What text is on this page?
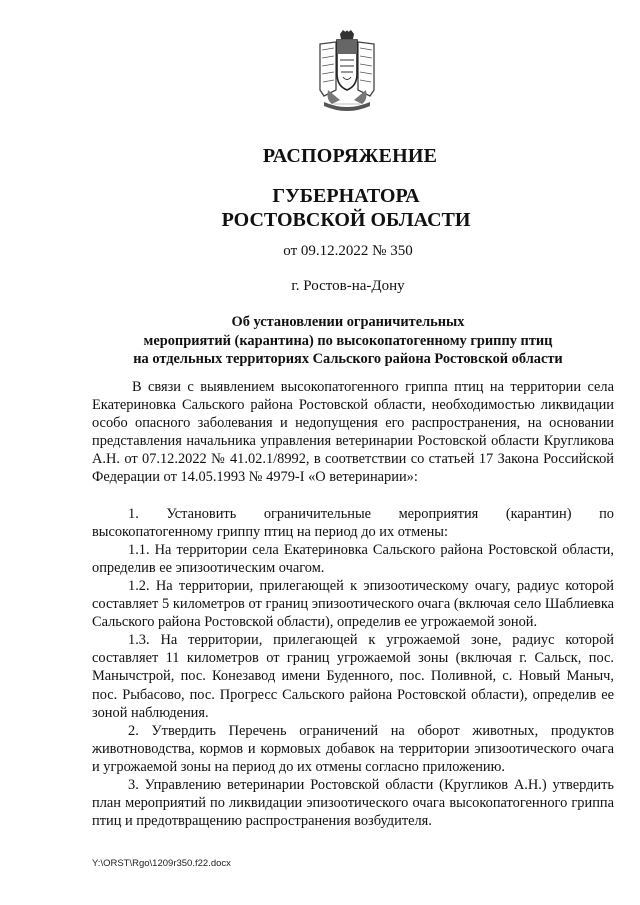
РАСПОРЯЖЕНИЕ
ГУБЕРНАТОРА
РОСТОВСКОЙ ОБЛАСТИ
от 09.12.2022 № 350
г. Ростов-на-Дону
Об установлении ограничительных
мероприятий (карантина) по высокопатогенному гриппу птиц
на отдельных территориях Сальского района Ростовской области

В связи с выявлением высокопатогенного гриппа птиц на территории села Екатериновка Сальского района Ростовской области, необходимостью ликвидации особо опасного заболевания и недопущения его распространения, на основании представления начальника управления ветеринарии Ростовской области Кругликова А.Н. от 07.12.2022 № 41.02.1/8992, в соответствии со статьей 17 Закона Российской Федерации от 14.05.1993 № 4979-I «О ветеринарии»:

1. Установить ограничительные мероприятия (карантин) по высокопатогенному гриппу птиц на период до их отмены:

1.1. На территории села Екатериновка Сальского района Ростовской области, определив ее эпизоотическим очагом.

1.2. На территории, прилегающей к эпизоотическому очагу, радиус которой составляет 5 километров от границ эпизоотического очага (включая село Шаблиевка Сальского района Ростовской области), определив ее угрожаемой зоной.

1.3. На территории, прилегающей к угрожаемой зоне, радиус которой составляет 11 километров от границ угрожаемой зоны (включая г. Сальск, пос. Манычстрой, пос. Конезавод имени Буденного, пос. Поливной, с. Новый Маныч, пос. Рыбасово, пос. Прогресс Сальского района Ростовской области), определив ее зоной наблюдения.

2. Утвердить Перечень ограничений на оборот животных, продуктов животноводства, кормов и кормовых добавок на территории эпизоотического очага и угрожаемой зоны на период до их отмены согласно приложению.

3. Управлению ветеринарии Ростовской области (Кругликов А.Н.) утвердить план мероприятий по ликвидации эпизоотического очага высокопатогенного гриппа птиц и предотвращению распространения возбудителя.

Y:\ORST\Rgo\1209r350.f22.docx
